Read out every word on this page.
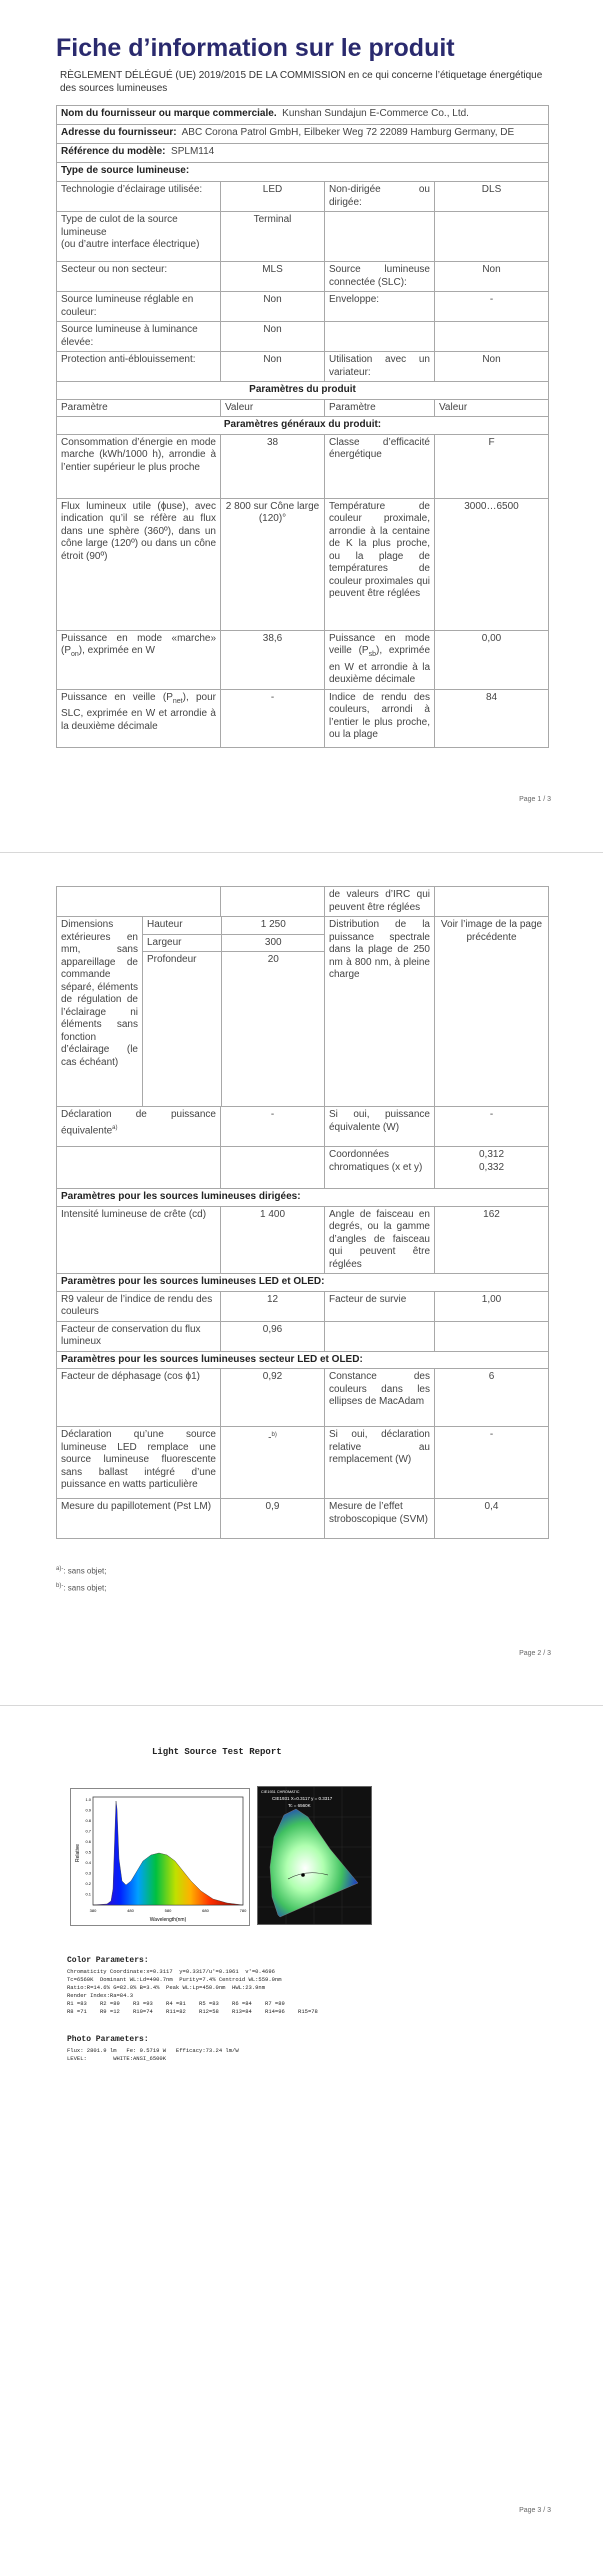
Fiche d’information sur le produit
RÈGLEMENT DÉLÉGUÉ (UE) 2019/2015 DE LA COMMISSION en ce qui concerne l’étiquetage énergétique des sources lumineuses
Nom du fournisseur ou marque commerciale. Kunshan Sundajun E-Commerce Co., Ltd.			
Adresse du fournisseur: ABC Corona Patrol GmbH, Eilbeker Weg 72 22089 Hamburg Germany, DE			
Référence du modèle: SPLM114			
Type de source lumineuse:			
Technologie d’éclairage utilisée:	LED	Non-dirigée ou dirigée:	DLS
Type de culot de la source lumineuse
(ou d’autre interface électrique)	Terminal		
Secteur ou non secteur:	MLS	Source lumineuse connectée (SLC):	Non
Source lumineuse réglable en couleur:	Non	Enveloppe:	-
Source lumineuse à luminance élevée:	Non		
Protection anti-éblouissement:	Non	Utilisation avec un variateur:	Non
Paramètres du produit			
Paramètre	Valeur	Paramètre	Valeur
Paramètres généraux du produit:			
Consommation d’énergie en mode marche (kWh/1000 h), arrondie à l’entier supérieur le plus proche	38	Classe d’efficacité énergétique	F
Flux lumineux utile (ɸuse), avec indication qu’il se réfère au flux dans une sphère (360º), dans un cône large (120º) ou dans un cône étroit (90º)	2 800 sur Cône large (120)°	Température de couleur proximale, arrondie à la centaine de K la plus proche, ou la plage de températures de couleur proximales qui peuvent être réglées	3000…6500
Puissance en mode «marche» $(P_{on})$, exprimée en W	38,6	Puissance en mode veille $(P_{sb})$, exprimée en W et arrondie à la deuxième décimale	0,00
Puissance en veille $(P_{net})$, pour SLC, exprimée en W et arrondie à la deuxième décimale	-	Indice de rendu des couleurs, arrondi à l’entier le plus proche, ou la plage	84
Page 1 / 3
		de valeurs d’IRC qui peuvent être réglées	
Dimensions extérieures en mm, sans appareillage de commande séparé, éléments de régulation de l’éclairage ni éléments sans fonction d’éclairage (le cas échéant)	
Hauteur	1 250
Largeur	300
Profondeur	20
	Distribution de la puissance spectrale dans la plage de 250 nm à 800 nm, à pleine charge	Voir l’image de la page précédente
Déclaration de puissance équivalente$^{a)}$	-	Si oui, puissance équivalente (W)	-
		Coordonnées chromatiques (x et y)	0,312
0,332
Paramètres pour les sources lumineuses dirigées:
Intensité lumineuse de crête (cd)	1 400	Angle de faisceau en degrés, ou la gamme d’angles de faisceau qui peuvent être réglées	162
Paramètres pour les sources lumineuses LED et OLED:
R9 valeur de l’indice de rendu des couleurs	12	Facteur de survie	1,00
Facteur de conservation du flux lumineux	0,96		
Paramètres pour les sources lumineuses secteur LED et OLED:
Facteur de déphasage (cos ϕ1)	0,92	Constance des couleurs dans les ellipses de MacAdam	6
Déclaration qu’une source lumineuse LED remplace une source lumineuse fluorescente sans ballast intégré d’une puissance en watts particulière	-$^{b)}$	Si oui, déclaration relative au remplacement (W)	-
Mesure du papillotement (Pst LM)	0,9	Mesure de l’effet stroboscopique (SVM)	0,4
$^{a)-}$: sans objet;
$^{b)-}$: sans objet;
Page 2 / 3
Page 3 / 3
Light Source Test Report
1.0
0.9
0.8
0.7
0.6
0.5
0.4
0.3
0.2
0.1
380	480	580	680	780
Relative
Wavelength(nm)
CIE1931 CHROMATIC
CIE1931 X=0.3117 y = 0.3317
Tc = 6560K
Color Parameters:
Chromaticity Coordinate:x=0.3117  y=0.3317/u'=0.1961  v'=0.4696
Tc=6560K  Dominant WL:Ld=490.7nm  Purity=7.4% Centroid WL:559.0nm
Ratio:R=14.6% G=82.0% B=3.4%  Peak WL:Lp=450.0nm  HWL:23.9nm
Render Index:Ra=84.3
R1 =83    R2 =89    R3 =93    R4 =81    R5 =83    R6 =84    R7 =89
R8 =71    R9 =12    R10=74    R11=82    R12=58    R13=84    R14=96    R15=78
Photo Parameters:
Flux: 2801.9 lm   Fe: 0.5719 W   Efficacy:73.24 lm/W
LEVEL:        WHITE:ANSI_6500K
